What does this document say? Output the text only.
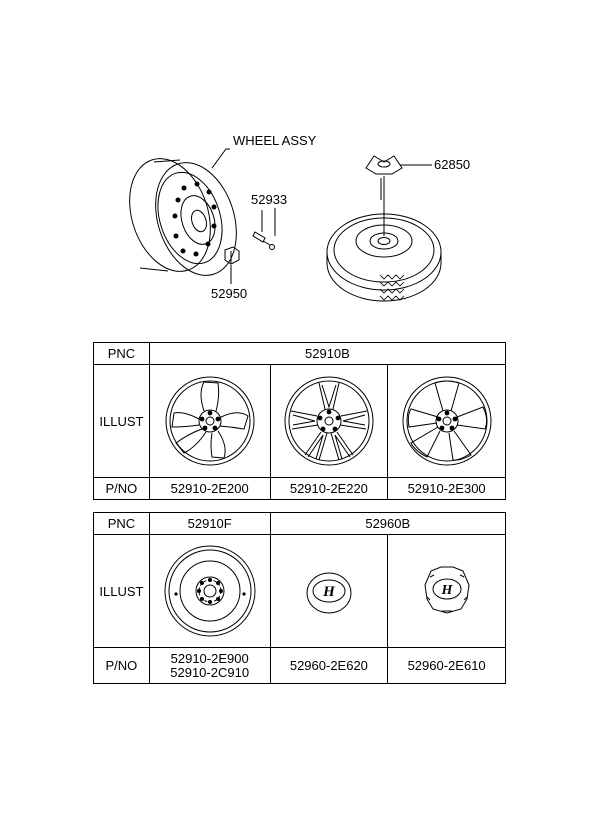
WHEEL ASSY
52933
52950
62850
PNC	52910B		
ILLUST	

P/NO	52910-2E200	52910-2E220	52910-2E300
PNC	52910F	52960B	
ILLUST		H	H

P/NO	52910-2E900
52910-2C910	52960-2E620	52960-2E610
